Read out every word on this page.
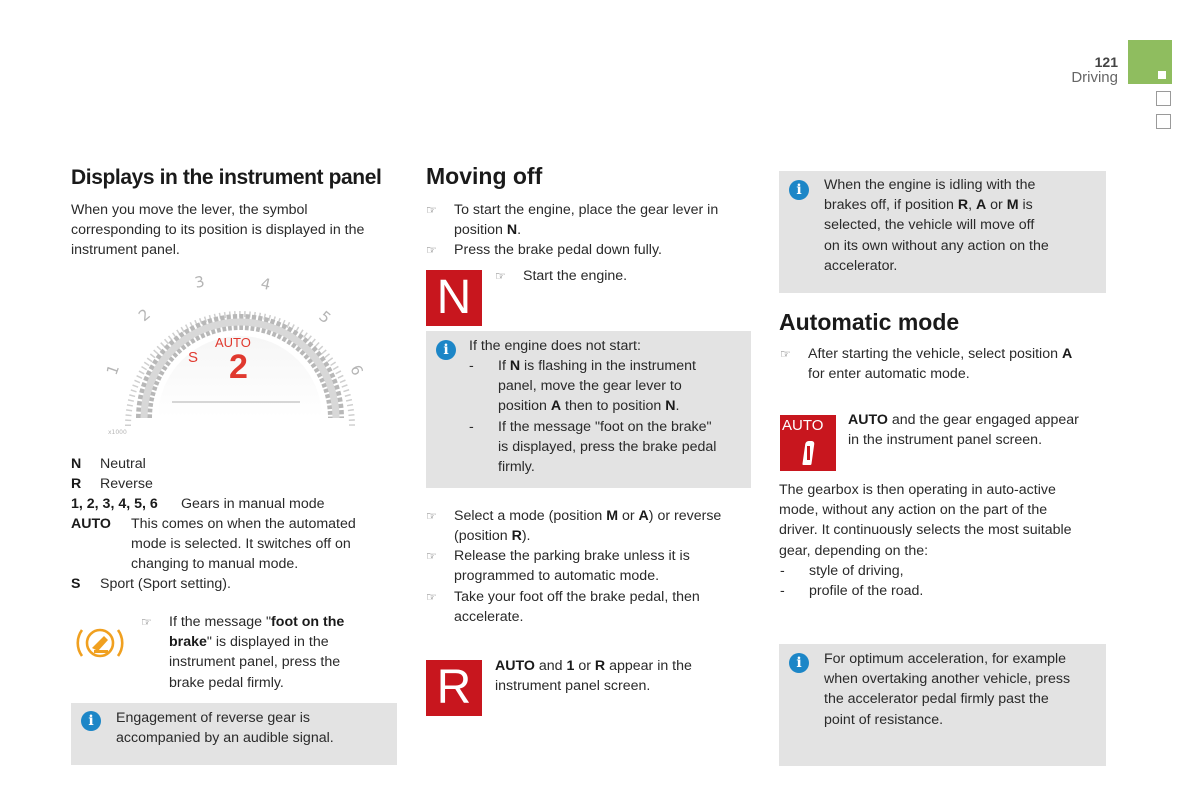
121
Driving
Displays in the instrument panel
When you move the lever, the symbol
corresponding to its position is displayed in the
instrument panel.
1
2
3	4
5
6
AUTO
S 2
x1000
N	Neutral
R	Reverse
1, 2, 3, 4, 5, 6	Gears in manual mode
AUTO	This comes on when the automated
mode is selected. It switches off on
changing to manual mode.
S	Sport (Sport setting).
☞	If the message "foot on the
brake" is displayed in the
instrument panel, press the
brake pedal firmly.
i	Engagement of reverse gear is
accompanied by an audible signal.
Moving off
☞	To start the engine, place the gear lever in
position N.
☞	Press the brake pedal down fully.
N	☞	Start the engine.
i	If the engine does not start:
-	If N is flashing in the instrument
panel, move the gear lever to
position A then to position N.
-	If the message "foot on the brake"
is displayed, press the brake pedal
firmly.
☞	Select a mode (position M or A) or reverse
(position R).
☞	Release the parking brake unless it is
programmed to automatic mode.
☞	Take your foot off the brake pedal, then
accelerate.
R	AUTO and 1 or R appear in the
instrument panel screen.
i	When the engine is idling with the
brakes off, if position R, A or M is
selected, the vehicle will move off
on its own without any action on the
accelerator.
Automatic mode
☞	After starting the vehicle, select position A
for enter automatic mode.
AUTO AUTO and the gear engaged appear
in the instrument panel screen.
The gearbox is then operating in auto-active
mode, without any action on the part of the
driver. It continuously selects the most suitable
gear, depending on the:
-	style of driving,
-	profile of the road.
i	For optimum acceleration, for example
when overtaking another vehicle, press
the accelerator pedal firmly past the
point of resistance.
